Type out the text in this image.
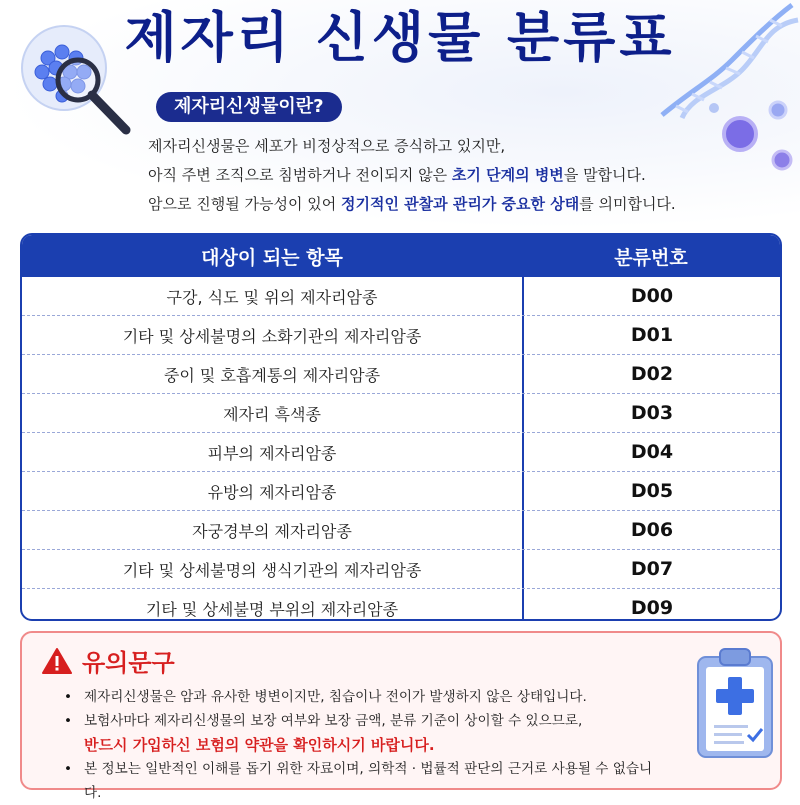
제자리 신생물 분류표
제자리신생물이란?
제자리신생물은 세포가 비정상적으로 증식하고 있지만,
아직 주변 조직으로 침범하거나 전이되지 않은 초기 단계의 병변을 말합니다.
암으로 진행될 가능성이 있어 정기적인 관찰과 관리가 중요한 상태를 의미합니다.
대상이 되는 항목	분류번호
구강, 식도 및 위의 제자리암종	D00
기타 및 상세불명의 소화기관의 제자리암종	D01
중이 및 호흡계통의 제자리암종	D02
제자리 흑색종	D03
피부의 제자리암종	D04
유방의 제자리암종	D05
자궁경부의 제자리암종	D06
기타 및 상세불명의 생식기관의 제자리암종	D07
기타 및 상세불명 부위의 제자리암종	D09
유의문구
• 제자리신생물은 암과 유사한 병변이지만, 침습이나 전이가 발생하지 않은 상태입니다.
• 보험사마다 제자리신생물의 보장 여부와 보장 금액, 분류 기준이 상이할 수 있으므로,
반드시 가입하신 보험의 약관을 확인하시기 바랍니다.
• 본 정보는 일반적인 이해를 돕기 위한 자료이며, 의학적 · 법률적 판단의 근거로 사용될 수 없습니다.
